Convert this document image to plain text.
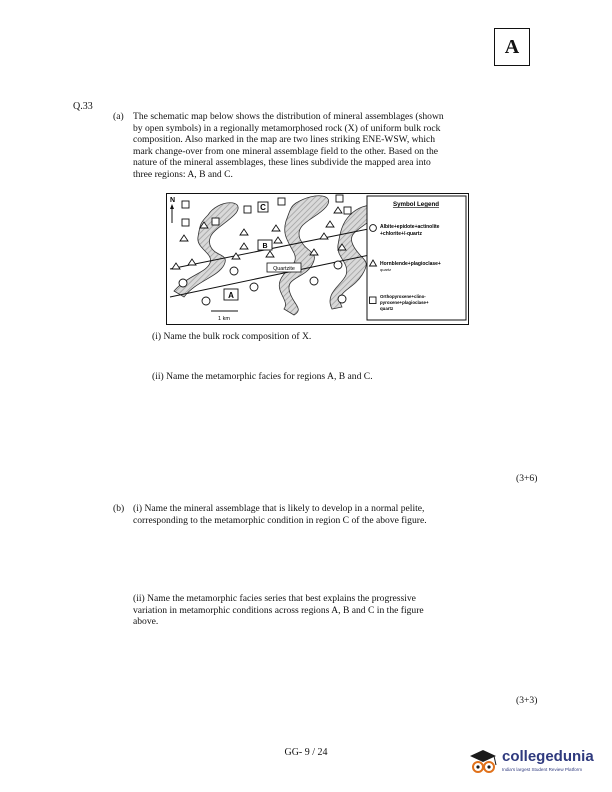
A
Q.33
(a) The schematic map below shows the distribution of mineral assemblages (shown
by open symbols) in a regionally metamorphosed rock (X) of uniform bulk rock
composition. Also marked in the map are two lines striking ENE-WSW, which
mark change-over from one mineral assemblage field to the other. Based on the
nature of the mineral assemblages, these lines subdivide the mapped area into
three regions: A, B and C.
N
C
B
A
Quartzite
1 km
Symbol Legend
Albite+epidote+actinolite
+chlorite+/-quartz
Hornblende+plagioclase+
quartz
Orthopyroxene+clino-
pyroxene+plagioclase+
quartz
(i) Name the bulk rock composition of X.
(ii) Name the metamorphic facies for regions A, B and C.
(3+6)
(b) (i) Name the mineral assemblage that is likely to develop in a normal pelite,
corresponding to the metamorphic condition in region C of the above figure.
(ii) Name the metamorphic facies series that best explains the progressive
variation in metamorphic conditions across regions A, B and C in the figure
above.
(3+3)
GG- 9 / 24	collegedunia
India's largest Student Review Platform
